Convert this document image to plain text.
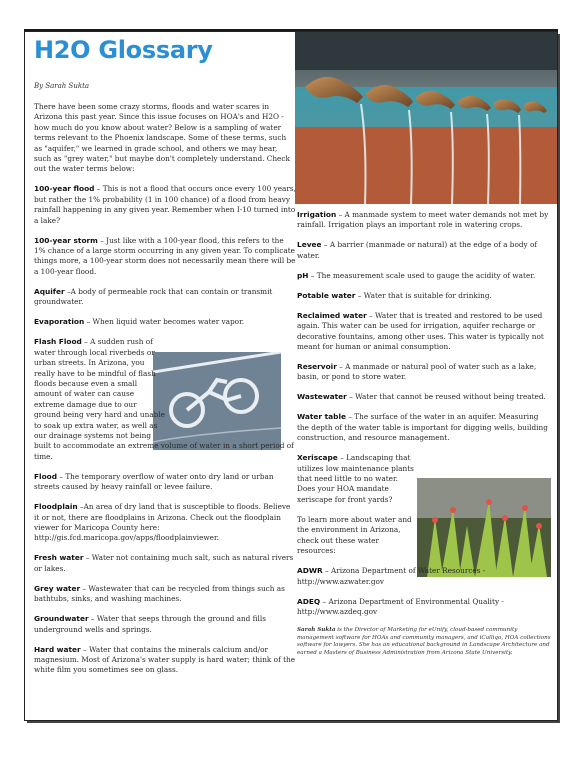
H2O Glossary
By Sarah Sukta

There have been some crazy storms, floods and water scares in Arizona this past year. Since this issue focuses on HOA's and H2O - how much do you know about water? Below is a sampling of water terms relevant to the Phoenix landscape. Some of these terms, such as "aquifer," we learned in grade school, and others we may hear, such as "grey water," but maybe don't completely understand. Check out the water terms below:

100-year flood – This is not a flood that occurs once every 100 years, but rather the 1% probability (1 in 100 chance) of a flood from heavy rainfall happening in any given year. Remember when I-10 turned into a lake?

100-year storm – Just like with a 100-year flood, this refers to the 1% chance of a large storm occurring in any given year. To complicate things more, a 100-year storm does not necessarily mean there will be a 100-year flood.

Aquifer –A body of permeable rock that can contain or transmit groundwater.

Evaporation – When liquid water becomes water vapor.

Flash Flood – A sudden rush of water through local riverbeds or urban streets. In Arizona, you really have to be mindful of flash floods because even a small amount of water can cause extreme damage due to our ground being very hard and unable to soak up extra water, as well as our drainage systems not being built to accommodate an extreme volume of water in a short period of time.

Flood – The temporary overflow of water onto dry land or urban streets caused by heavy rainfall or levee failure.

Floodplain –An area of dry land that is susceptible to floods. Believe it or not, there are floodplains in Arizona. Check out the floodplain viewer for Maricopa County here: http://gis.fcd.maricopa.gov/apps/floodplainviewer.

Fresh water – Water not containing much salt, such as natural rivers or lakes.

Grey water – Wastewater that can be recycled from things such as bathtubs, sinks, and washing machines.

Groundwater – Water that seeps through the ground and fills underground wells and springs.

Hard water – Water that contains the minerals calcium and/or magnesium. Most of Arizona's water supply is hard water; think of the white film you sometimes see on glass.

Irrigation – A manmade system to meet water demands not met by rainfall. Irrigation plays an important role in watering crops.

Levee – A barrier (manmade or natural) at the edge of a body of water.

pH – The measurement scale used to gauge the acidity of water.

Potable water – Water that is suitable for drinking.

Reclaimed water – Water that is treated and restored to be used again. This water can be used for irrigation, aquifer recharge or decorative fountains, among other uses. This water is typically not meant for human or animal consumption.

Reservoir – A manmade or natural pool of water such as a lake, basin, or pond to store water.

Wastewater – Water that cannot be reused without being treated.

Water table – The surface of the water in an aquifer. Measuring the depth of the water table is important for digging wells, building construction, and resource management.

Xeriscape – Landscaping that utilizes low maintenance plants that need little to no water. Does your HOA mandate xeriscape for front yards?

To learn more about water and the environment in Arizona, check out these water resources:

ADWR – Arizona Department of Water Resources - http://www.azwater.gov

ADEQ – Arizona Department of Environmental Quality - http://www.azdeq.gov

Sarah Sukta is the Director of Marketing for eUnify, cloud-based community management software for HOAs and community managers, and iCalliqo, HOA collections software for lawyers. She has an educational background in Landscape Architecture and earned a Masters of Business Administration from Arizona State University.
